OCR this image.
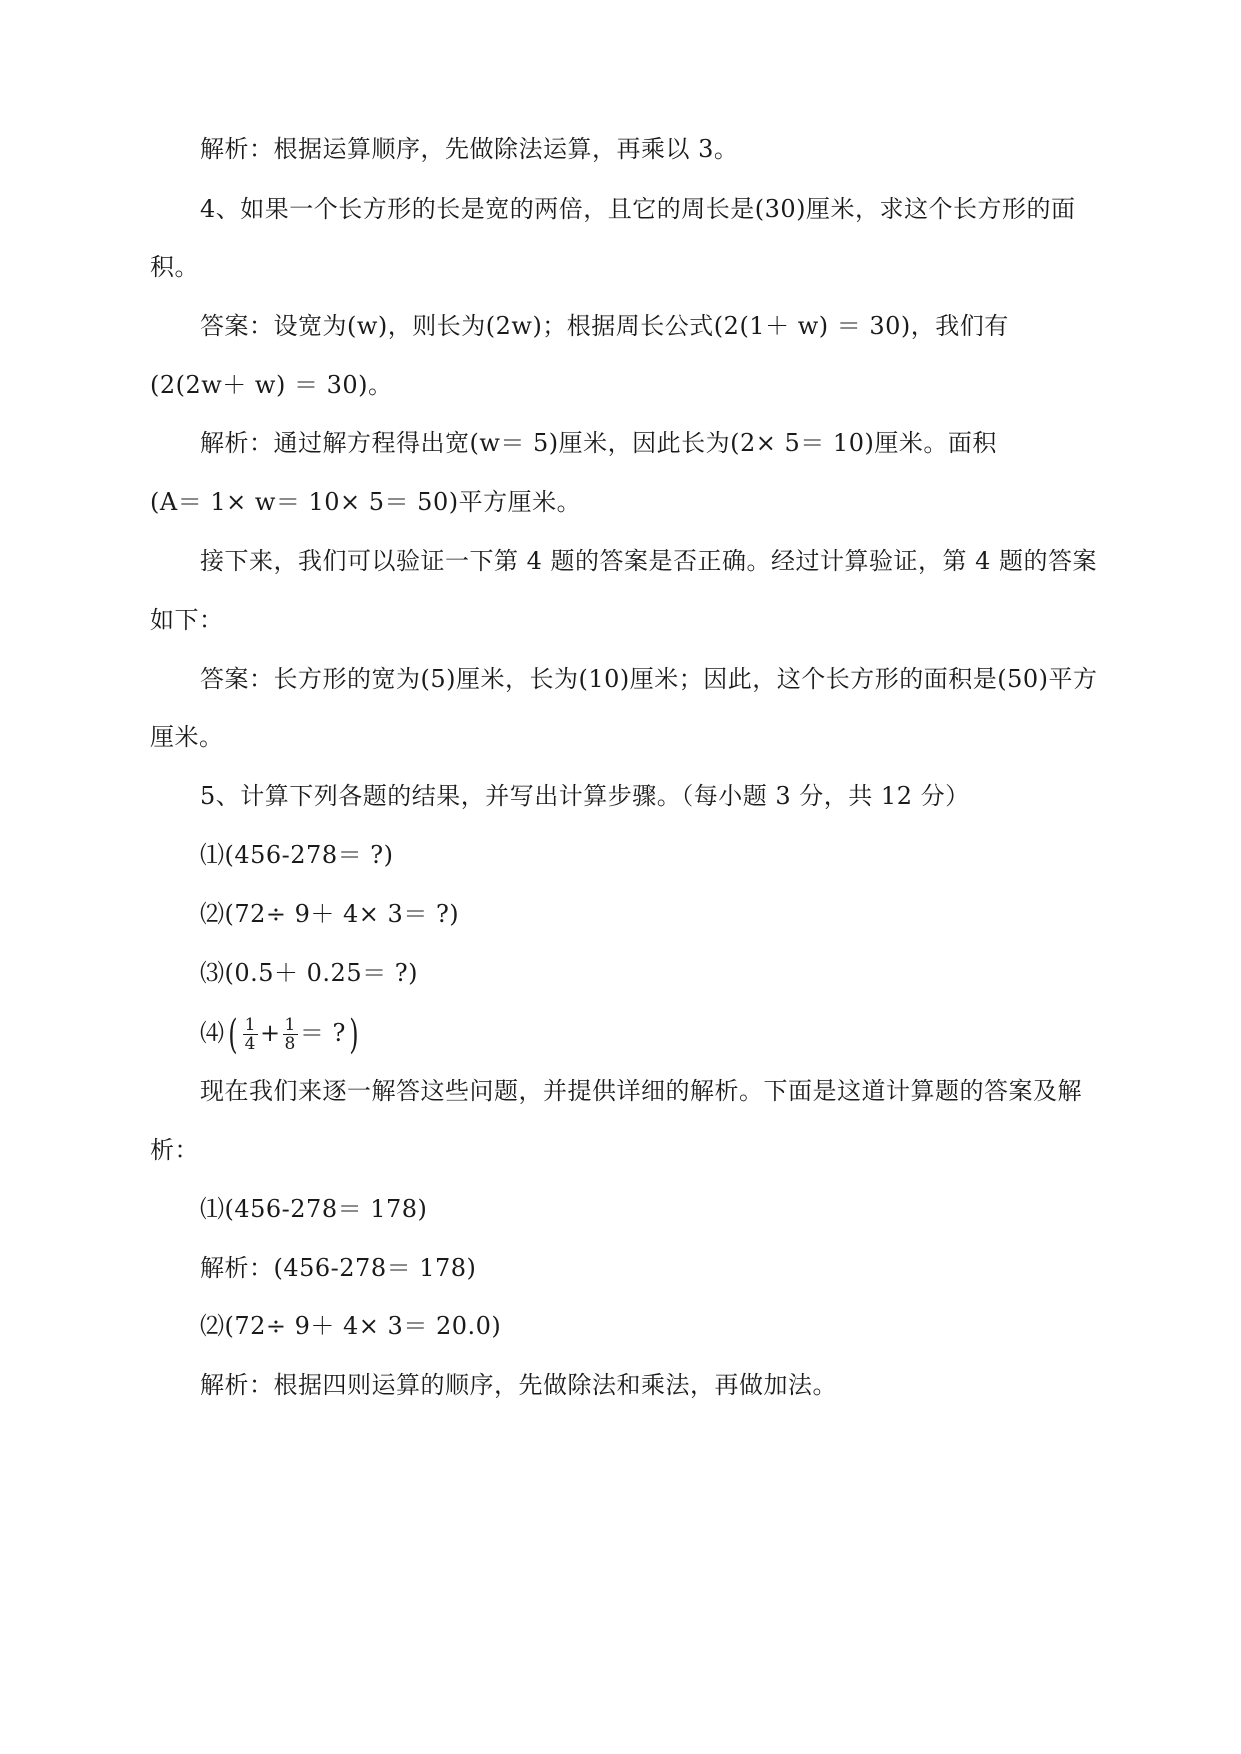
解析：根据运算顺序，先做除法运算，再乘以 3。
4、如果一个长方形的长是宽的两倍，且它的周长是(30)厘米，求这个长方形的面
积。
答案：设宽为(w)，则长为(2w)；根据周长公式(2(1＋ w) ＝ 30)，我们有
(2(2w＋ w) ＝ 30)。
解析：通过解方程得出宽(w＝ 5)厘米，因此长为(2× 5＝ 10)厘米。面积
(A＝ 1× w＝ 10× 5＝ 50)平方厘米。
接下来，我们可以验证一下第 4 题的答案是否正确。经过计算验证，第 4 题的答案
如下：
答案：长方形的宽为(5)厘米，长为(10)厘米；因此，这个长方形的面积是(50)平方
厘米。
5、计算下列各题的结果，并写出计算步骤。（每小题 3 分，共 12 分）
⑴(456-278＝ ?)
⑵(72÷ 9＋ 4× 3＝ ?)
⑶(0.5＋ 0.25＝ ?)
⑷( $\frac{1}{4} + \frac{1}{8}$ ＝ ?)
现在我们来逐一解答这些问题，并提供详细的解析。下面是这道计算题的答案及解
析：
⑴(456-278＝ 178)
解析：(456-278＝ 178)
⑵(72÷ 9＋ 4× 3＝ 20.0)
解析：根据四则运算的顺序，先做除法和乘法，再做加法。
